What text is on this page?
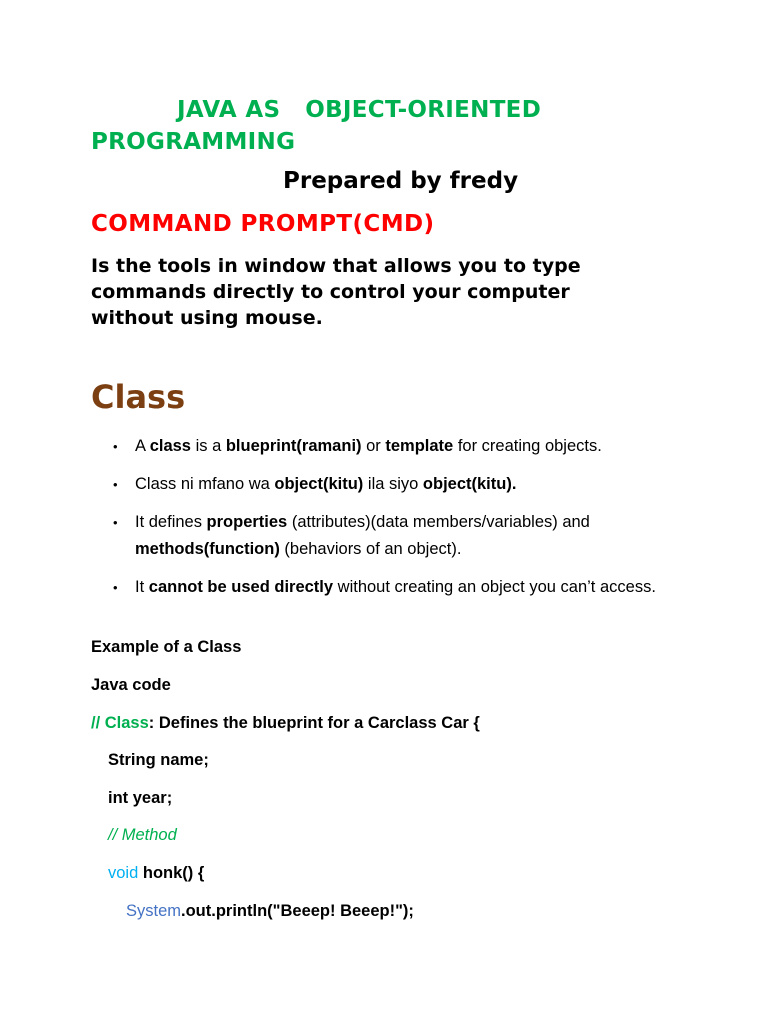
JAVA AS   OBJECT-ORIENTED
PROGRAMMING
Prepared by fredy
COMMAND PROMPT(CMD)
Is the tools in window that allows you to type commands directly to control your computer without using mouse.
Class
• A class is a blueprint(ramani) or template for creating objects.
• Class ni mfano wa object(kitu) ila siyo object(kitu).
• It defines properties (attributes)(data members/variables) and methods(function) (behaviors of an object).
• It cannot be used directly without creating an object you can’t access.
Example of a Class
Java code
// Class: Defines the blueprint for a Carclass Car {
String name;
int year;
// Method
void honk() {
System.out.println("Beeep! Beeep!");
